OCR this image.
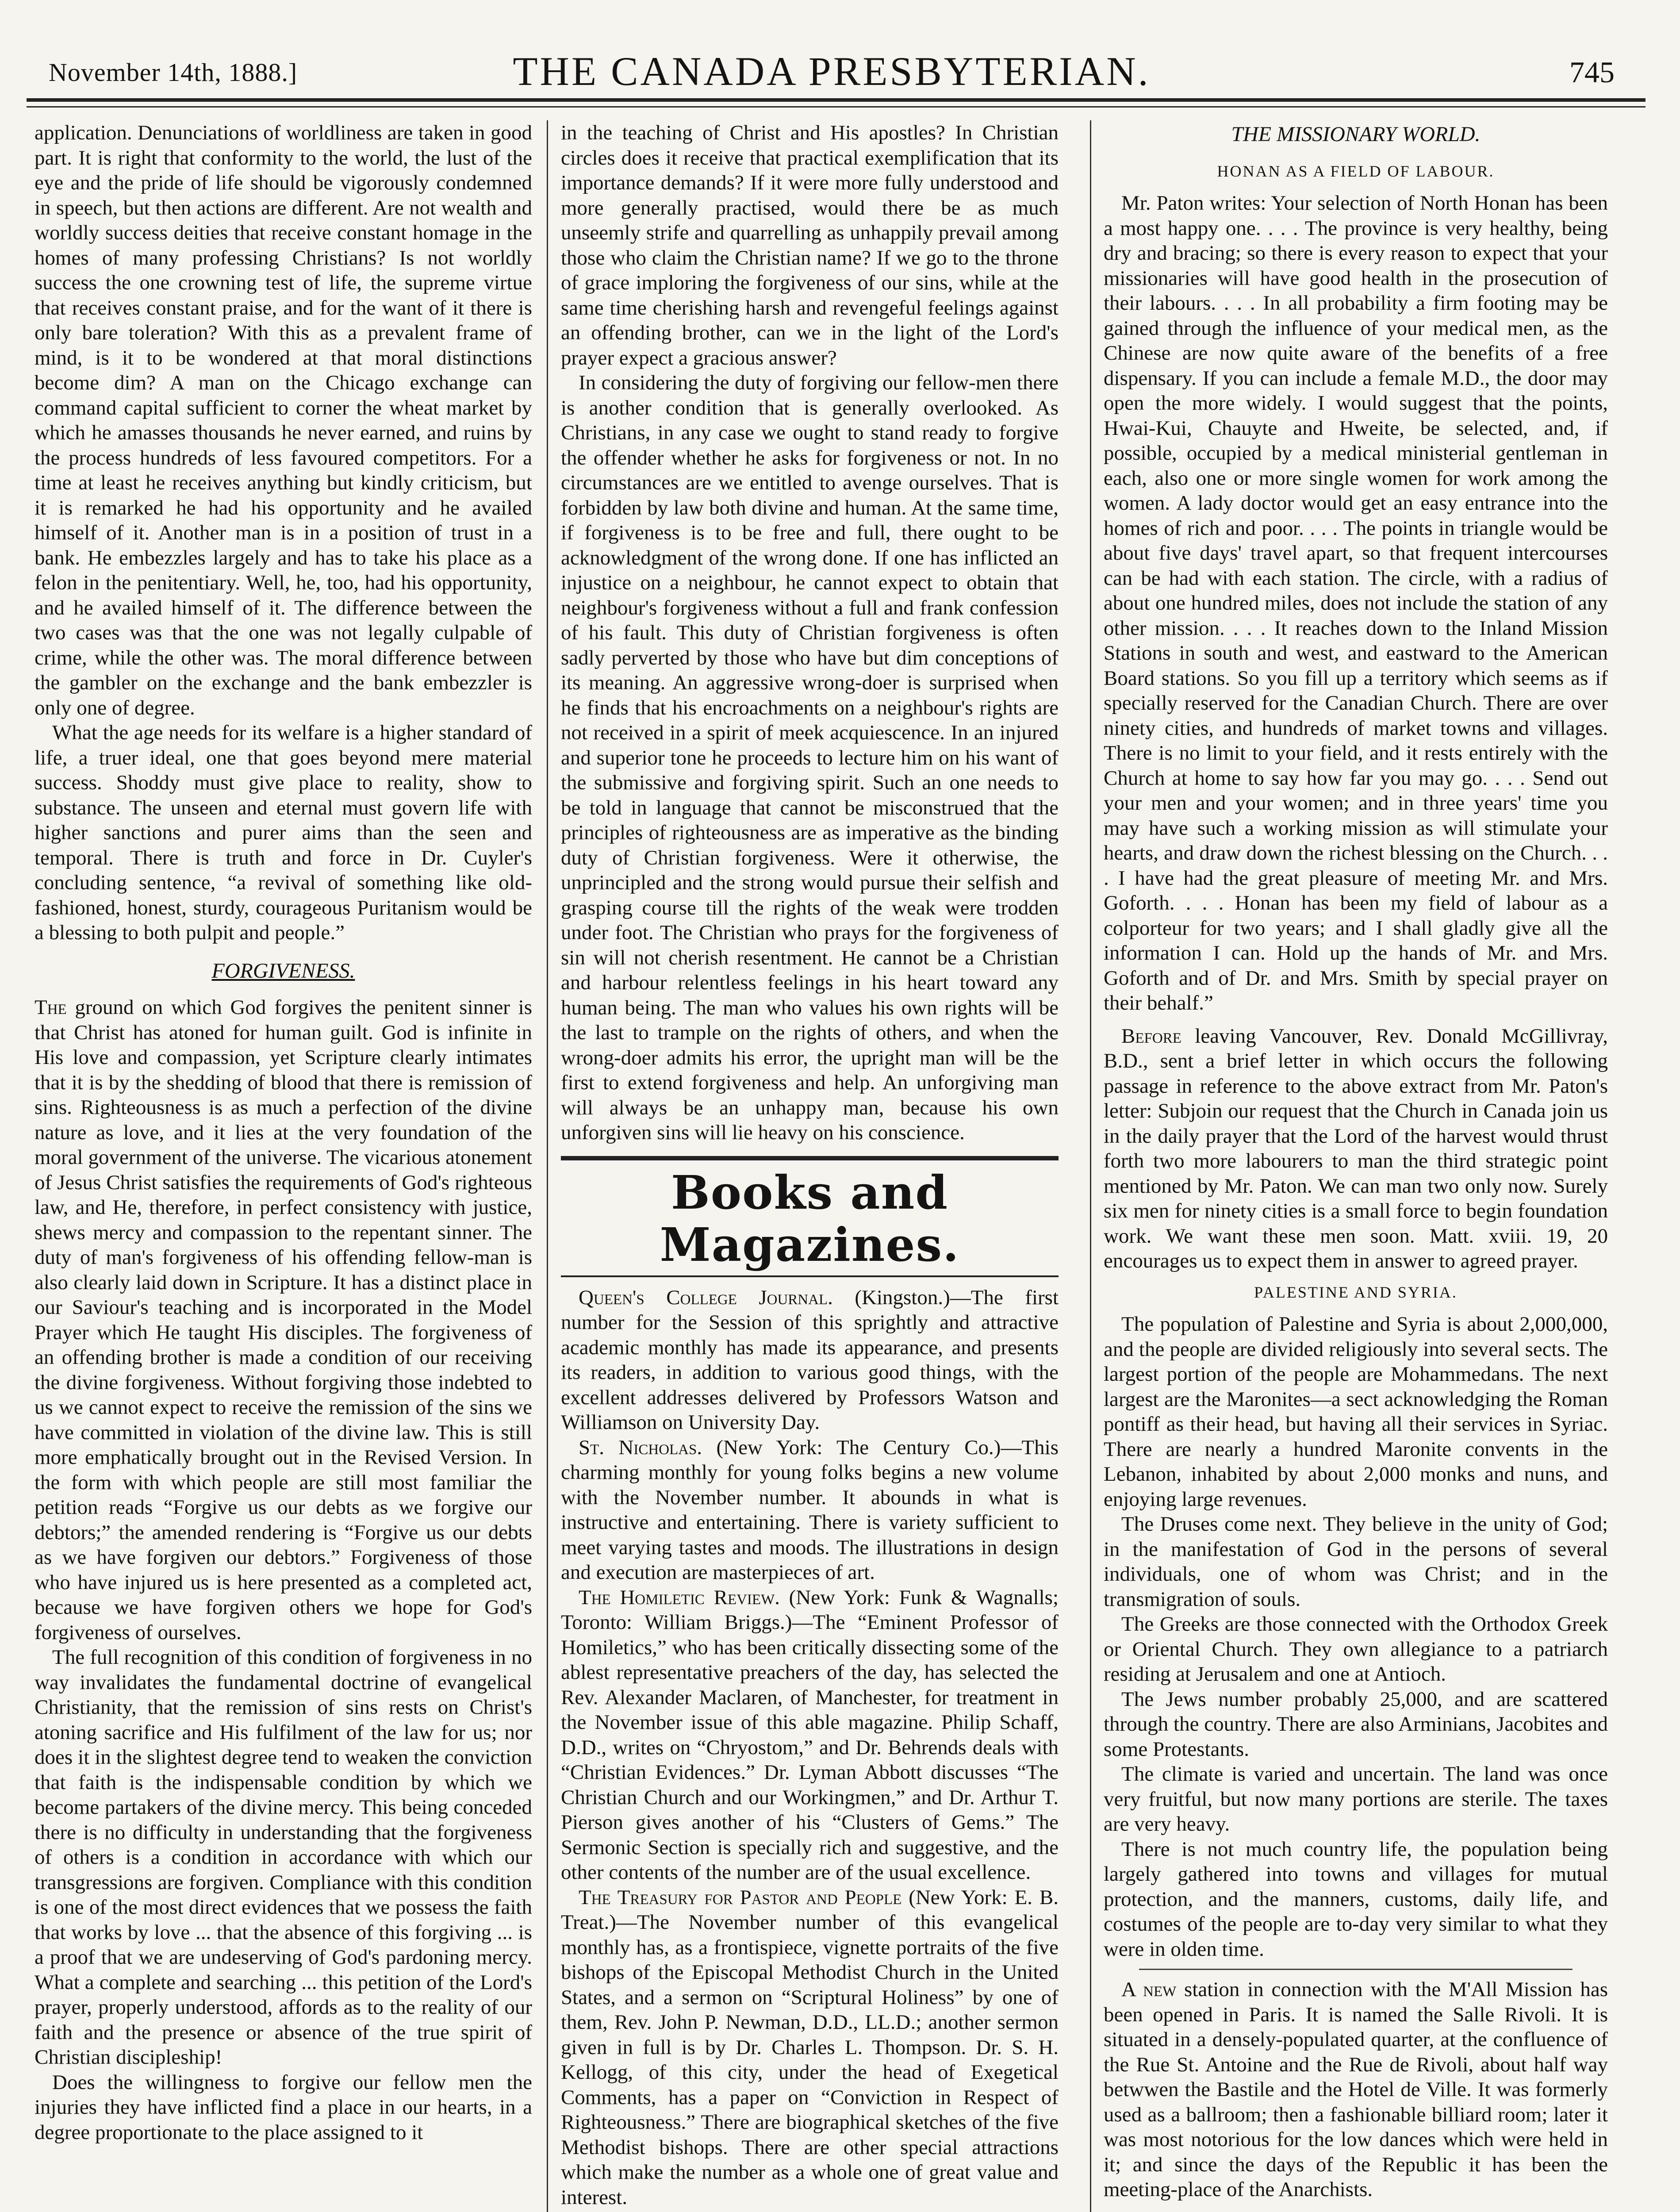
November 14th, 1888.]	THE CANADA PRESBYTERIAN.	745

application. Denunciations of worldliness are taken in good part. It is right that conformity to the world, the lust of the eye and the pride of life should be vigorously condemned in speech, but then actions are different. Are not wealth and worldly success deities that receive constant homage in the homes of many professing Christians? Is not worldly success the one crowning test of life, the supreme virtue that receives constant praise, and for the want of it there is only bare toleration? With this as a prevalent frame of mind, is it to be wondered at that moral distinctions become dim? A man on the Chicago exchange can command capital sufficient to corner the wheat market by which he amasses thousands he never earned, and ruins by the process hundreds of less favoured competitors. For a time at least he receives anything but kindly criticism, but it is remarked he had his opportunity and he availed himself of it. Another man is in a position of trust in a bank. He embezzles largely and has to take his place as a felon in the penitentiary. Well, he, too, had his opportunity, and he availed himself of it. The difference between the two cases was that the one was not legally culpable of crime, while the other was. The moral difference between the gambler on the exchange and the bank embezzler is only one of degree.

What the age needs for its welfare is a higher standard of life, a truer ideal, one that goes beyond mere material success. Shoddy must give place to reality, show to substance. The unseen and eternal must govern life with higher sanctions and purer aims than the seen and temporal. There is truth and force in Dr. Cuyler's concluding sentence, “a revival of something like old-fashioned, honest, sturdy, courageous Puritanism would be a blessing to both pulpit and people.”

FORGIVENESS.

The ground on which God forgives the penitent sinner is that Christ has atoned for human guilt. God is infinite in His love and compassion, yet Scripture clearly intimates that it is by the shedding of blood that there is remission of sins. Righteousness is as much a perfection of the divine nature as love, and it lies at the very foundation of the moral government of the universe. The vicarious atonement of Jesus Christ satisfies the requirements of God's righteous law, and He, therefore, in perfect consistency with justice, shews mercy and compassion to the repentant sinner. The duty of man's forgiveness of his offending fellow-man is also clearly laid down in Scripture. It has a distinct place in our Saviour's teaching and is incorporated in the Model Prayer which He taught His disciples. The forgiveness of an offending brother is made a condition of our receiving the divine forgiveness. Without forgiving those indebted to us we cannot expect to receive the remission of the sins we have committed in violation of the divine law. This is still more emphatically brought out in the Revised Version. In the form with which people are still most familiar the petition reads “Forgive us our debts as we forgive our debtors;” the amended rendering is “Forgive us our debts as we have forgiven our debtors.” Forgiveness of those who have injured us is here presented as a completed act, because we have forgiven others we hope for God's forgiveness of ourselves.

The full recognition of this condition of forgiveness in no way invalidates the fundamental doctrine of evangelical Christianity, that the remission of sins rests on Christ's atoning sacrifice and His fulfilment of the law for us; nor does it in the slightest degree tend to weaken the conviction that faith is the indispensable condition by which we become partakers of the divine mercy. This being conceded there is no difficulty in understanding that the forgiveness of others is a condition in accordance with which our transgressions are forgiven. Compliance with this condition is one of the most direct evidences that we possess the faith that works by love ... that the absence of this forgiving ... is a proof that we are undeserving of God's pardoning mercy. What a complete and searching ... this petition of the Lord's prayer, properly understood, affords as to the reality of our faith and the presence or absence of the true spirit of Christian discipleship!

Does the willingness to forgive our fellow men the injuries they have inflicted find a place in our hearts, in a degree proportionate to the place assigned to it

in the teaching of Christ and His apostles? In Christian circles does it receive that practical exemplification that its importance demands? If it were more fully understood and more generally practised, would there be as much unseemly strife and quarrelling as unhappily prevail among those who claim the Christian name? If we go to the throne of grace imploring the forgiveness of our sins, while at the same time cherishing harsh and revengeful feelings against an offending brother, can we in the light of the Lord's prayer expect a gracious answer?

In considering the duty of forgiving our fellow-men there is another condition that is generally overlooked. As Christians, in any case we ought to stand ready to forgive the offender whether he asks for forgiveness or not. In no circumstances are we entitled to avenge ourselves. That is forbidden by law both divine and human. At the same time, if forgiveness is to be free and full, there ought to be acknowledgment of the wrong done. If one has inflicted an injustice on a neighbour, he cannot expect to obtain that neighbour's forgiveness without a full and frank confession of his fault. This duty of Christian forgiveness is often sadly perverted by those who have but dim conceptions of its meaning. An aggressive wrong-doer is surprised when he finds that his encroachments on a neighbour's rights are not received in a spirit of meek acquiescence. In an injured and superior tone he proceeds to lecture him on his want of the submissive and forgiving spirit. Such an one needs to be told in language that cannot be misconstrued that the principles of righteousness are as imperative as the binding duty of Christian forgiveness. Were it otherwise, the unprincipled and the strong would pursue their selfish and grasping course till the rights of the weak were trodden under foot. The Christian who prays for the forgiveness of sin will not cherish resentment. He cannot be a Christian and harbour relentless feelings in his heart toward any human being. The man who values his own rights will be the last to trample on the rights of others, and when the wrong-doer admits his error, the upright man will be the first to extend forgiveness and help. An unforgiving man will always be an unhappy man, because his own unforgiven sins will lie heavy on his conscience.

Books and Magazines.

Queen's College Journal. (Kingston.)—The first number for the Session of this sprightly and attractive academic monthly has made its appearance, and presents its readers, in addition to various good things, with the excellent addresses delivered by Professors Watson and Williamson on University Day.

St. Nicholas. (New York: The Century Co.)—This charming monthly for young folks begins a new volume with the November number. It abounds in what is instructive and entertaining. There is variety sufficient to meet varying tastes and moods. The illustrations in design and execution are masterpieces of art.

The Homiletic Review. (New York: Funk & Wagnalls; Toronto: William Briggs.)—The “Eminent Professor of Homiletics,” who has been critically dissecting some of the ablest representative preachers of the day, has selected the Rev. Alexander Maclaren, of Manchester, for treatment in the November issue of this able magazine. Philip Schaff, D.D., writes on “Chryostom,” and Dr. Behrends deals with “Christian Evidences.” Dr. Lyman Abbott discusses “The Christian Church and our Workingmen,” and Dr. Arthur T. Pierson gives another of his “Clusters of Gems.” The Sermonic Section is specially rich and suggestive, and the other contents of the number are of the usual excellence.

The Treasury for Pastor and People (New York: E. B. Treat.)—The November number of this evangelical monthly has, as a frontispiece, vignette portraits of the five bishops of the Episcopal Methodist Church in the United States, and a sermon on “Scriptural Holiness” by one of them, Rev. John P. Newman, D.D., LL.D.; another sermon given in full is by Dr. Charles L. Thompson. Dr. S. H. Kellogg, of this city, under the head of Exegetical Comments, has a paper on “Conviction in Respect of Righteousness.” There are biographical sketches of the five Methodist bishops. There are other special attractions which make the number as a whole one of great value and interest.

THE MISSIONARY WORLD.
HONAN AS A FIELD OF LABOUR.

Mr. Paton writes: Your selection of North Honan has been a most happy one. . . . The province is very healthy, being dry and bracing; so there is every reason to expect that your missionaries will have good health in the prosecution of their labours. . . . In all probability a firm footing may be gained through the influence of your medical men, as the Chinese are now quite aware of the benefits of a free dispensary. If you can include a female M.D., the door may open the more widely. I would suggest that the points, Hwai-Kui, Chauyte and Hweite, be selected, and, if possible, occupied by a medical ministerial gentleman in each, also one or more single women for work among the women. A lady doctor would get an easy entrance into the homes of rich and poor. . . . The points in triangle would be about five days' travel apart, so that frequent intercourses can be had with each station. The circle, with a radius of about one hundred miles, does not include the station of any other mission. . . . It reaches down to the Inland Mission Stations in south and west, and eastward to the American Board stations. So you fill up a territory which seems as if specially reserved for the Canadian Church. There are over ninety cities, and hundreds of market towns and villages. There is no limit to your field, and it rests entirely with the Church at home to say how far you may go. . . . Send out your men and your women; and in three years' time you may have such a working mission as will stimulate your hearts, and draw down the richest blessing on the Church. . . . I have had the great pleasure of meeting Mr. and Mrs. Goforth. . . . Honan has been my field of labour as a colporteur for two years; and I shall gladly give all the information I can. Hold up the hands of Mr. and Mrs. Goforth and of Dr. and Mrs. Smith by special prayer on their behalf.”

Before leaving Vancouver, Rev. Donald McGillivray, B.D., sent a brief letter in which occurs the following passage in reference to the above extract from Mr. Paton's letter: Subjoin our request that the Church in Canada join us in the daily prayer that the Lord of the harvest would thrust forth two more labourers to man the third strategic point mentioned by Mr. Paton. We can man two only now. Surely six men for ninety cities is a small force to begin foundation work. We want these men soon. Matt. xviii. 19, 20 encourages us to expect them in answer to agreed prayer.

PALESTINE AND SYRIA.

The population of Palestine and Syria is about 2,000,000, and the people are divided religiously into several sects. The largest portion of the people are Mohammedans. The next largest are the Maronites—a sect acknowledging the Roman pontiff as their head, but having all their services in Syriac. There are nearly a hundred Maronite convents in the Lebanon, inhabited by about 2,000 monks and nuns, and enjoying large revenues.

The Druses come next. They believe in the unity of God; in the manifestation of God in the persons of several individuals, one of whom was Christ; and in the transmigration of souls.

The Greeks are those connected with the Orthodox Greek or Oriental Church. They own allegiance to a patriarch residing at Jerusalem and one at Antioch.

The Jews number probably 25,000, and are scattered through the country. There are also Arminians, Jacobites and some Protestants.

The climate is varied and uncertain. The land was once very fruitful, but now many portions are sterile. The taxes are very heavy.

There is not much country life, the population being largely gathered into towns and villages for mutual protection, and the manners, customs, daily life, and costumes of the people are to-day very similar to what they were in olden time.

A new station in connection with the M'All Mission has been opened in Paris. It is named the Salle Rivoli. It is situated in a densely-populated quarter, at the confluence of the Rue St. Antoine and the Rue de Rivoli, about half way betwwen the Bastile and the Hotel de Ville. It was formerly used as a ballroom; then a fashionable billiard room; later it was most notorious for the low dances which were held in it; and since the days of the Republic it has been the meeting-place of the Anarchists.
